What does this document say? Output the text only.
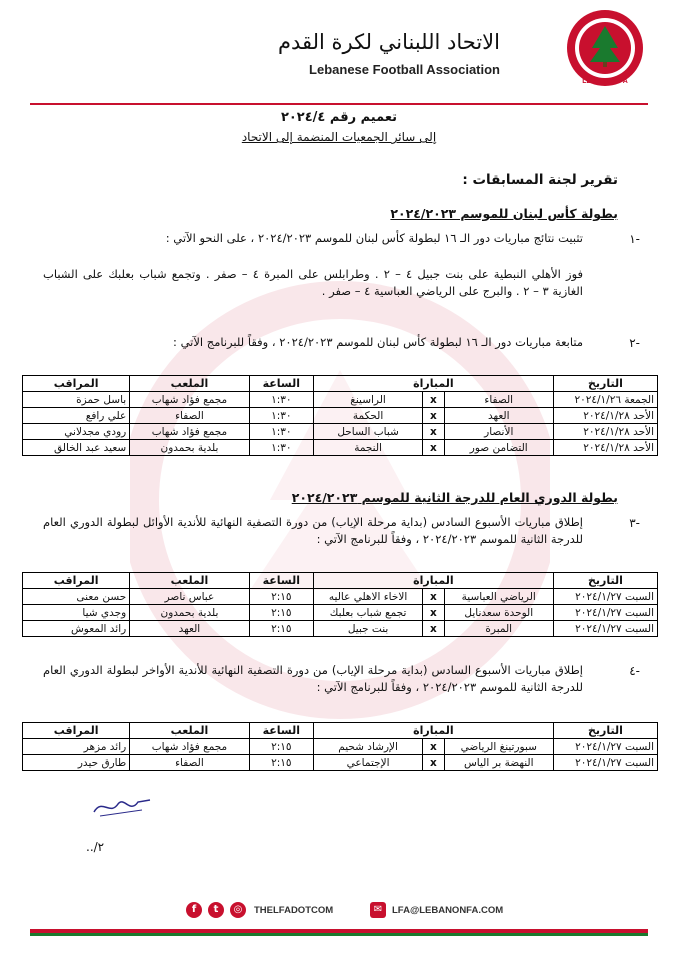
LEBANON FA
الاتحاد اللبناني لكرة القدم
Lebanese Football Association
تعميم رقم ٢٠٢٤/٤
إلى سائر الجمعيات المنضمة إلى الاتحاد
تقرير لجنة المسابقات :
بطولة كأس لبنان للموسم ٢٠٢٤/٢٠٢٣
-١
تثبيت نتائج مباريات دور الـ ١٦ لبطولة كأس لبنان للموسم ٢٠٢٤/٢٠٢٣ ، على النحو الآتي :
فوز الأهلي النبطية على بنت جبيل ٤ – ٢ . وطرابلس على المبرة ٤ – صفر . وتجمع شباب بعلبك على الشباب الغازية ٣ – ٢ . والبرج على الرياضي العباسية ٤ – صفر .
-٢
متابعة مباريات دور الـ ١٦ لبطولة كأس لبنان للموسم ٢٠٢٤/٢٠٢٣ ، وفقاً للبرنامج الآتي :
التاريخ	المباراة			الساعة	الملعب	المراقب
الجمعة ٢٠٢٤/١/٢٦	الصفاء	x	الراسينغ	١:٣٠	مجمع فؤاد شهاب	باسل حمزة
الأحد ٢٠٢٤/١/٢٨	العهد	x	الحكمة	١:٣٠	الصفاء	علي رافع
الأحد ٢٠٢٤/١/٢٨	الأنصار	x	شباب الساحل	١:٣٠	مجمع فؤاد شهاب	رودي مجدلاني
الأحد ٢٠٢٤/١/٢٨	التضامن صور	x	النجمة	١:٣٠	بلدية بحمدون	سعيد عبد الخالق
بطولة الدوري العام للدرجة الثانية للموسم ٢٠٢٤/٢٠٢٣
-٣
إطلاق مباريات الأسبوع السادس (بداية مرحلة الإياب) من دورة التصفية النهائية للأندية الأوائل لبطولة الدوري العام للدرجة الثانية للموسم ٢٠٢٤/٢٠٢٣ ، وفقاً للبرنامج الآتي :
التاريخ	المباراة			الساعة	الملعب	المراقب
السبت ٢٠٢٤/١/٢٧	الرياضي العباسية	x	الاخاء الاهلي عاليه	٢:١٥	عباس ناصر	حسن معنى
السبت ٢٠٢٤/١/٢٧	الوحدة سعدنايل	x	تجمع شباب بعلبك	٢:١٥	بلدية بحمدون	وجدي شيا
السبت ٢٠٢٤/١/٢٧	المبرة	x	بنت جبيل	٢:١٥	العهد	رائد المعوش
-٤
إطلاق مباريات الأسبوع السادس (بداية مرحلة الإياب) من دورة التصفية النهائية للأندية الأواخر لبطولة الدوري العام للدرجة الثانية للموسم ٢٠٢٤/٢٠٢٣ ، وفقاً للبرنامج الآتي :
التاريخ	المباراة			الساعة	الملعب	المراقب
السبت ٢٠٢٤/١/٢٧	سبورتينغ الرياضي	x	الإرشاد شحيم	٢:١٥	مجمع فؤاد شهاب	رائد مزهر
السبت ٢٠٢٤/١/٢٧	النهضة بر الياس	x	الإجتماعي	٢:١٥	الصفاء	طارق حيدر
../٢
f	t	◎	THELFADOTCOM	✉	LFA@LEBANONFA.COM
